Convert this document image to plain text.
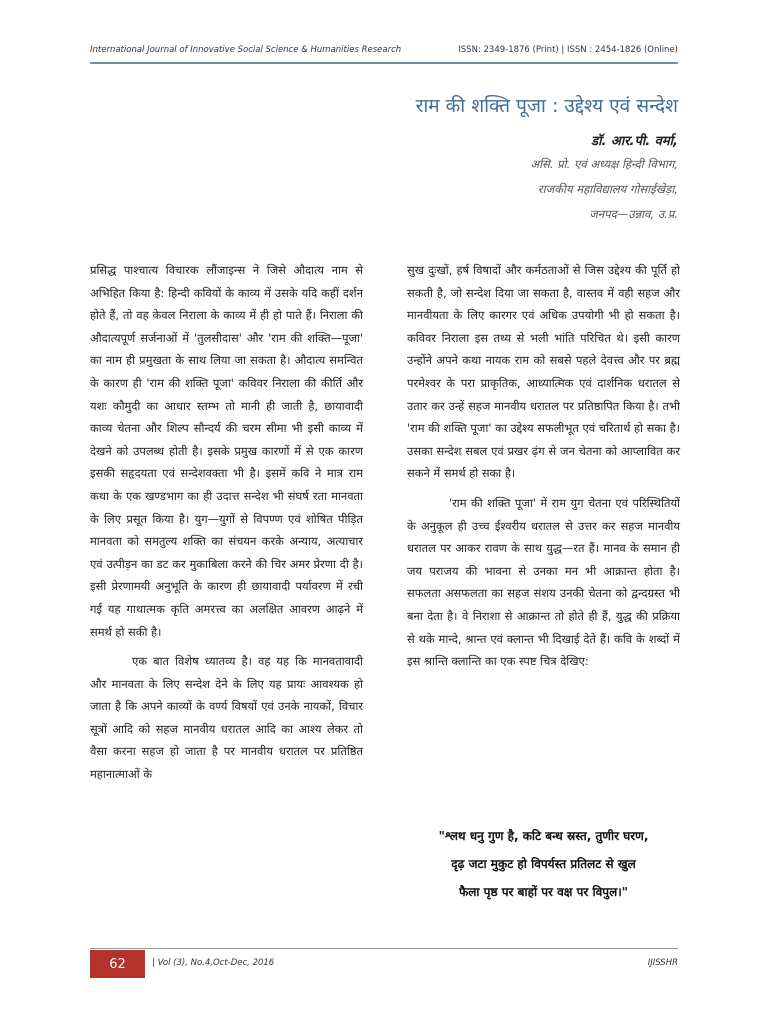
International Journal of Innovative Social Science & Humanities Research	ISSN: 2349-1876 (Print) | ISSN : 2454-1826 (Online)
राम की शक्ति पूजा : उद्देश्य एवं सन्देश
डॉ. आर.पी. वर्मा,
असि. प्रो. एवं अध्यक्ष हिन्दी विभाग,
राजकीय महाविद्यालय गोसाईखेड़ा,
जनपद—उन्नाव, उ.प्र.

प्रसिद्ध पाश्चात्य विचारक लौंजाइन्स ने जिसे औदात्य नाम से अभिहित किया है: हिन्दी कवियों के काव्य में उसके यदि कहीं दर्शन होते हैं, तो वह केवल निराला के काव्य में ही हो पाते हैं। निराला की औदात्यपूर्ण सर्जनाओं में 'तुलसीदास' और 'राम की शक्ति—पूजा' का नाम ही प्रमुखता के साथ लिया जा सकता है। औदात्य समन्वित के कारण ही 'राम की शक्ति पूजा' कविवर निराला की कीर्ति और यशः कौमुदी का आधार स्तम्भ तो मानी ही जाती है, छायावादी काव्य चेतना और शिल्प सौन्दर्य की चरम सीमा भी इसी काव्य में देखने को उपलब्ध होती है। इसके प्रमुख कारणों में से एक कारण इसकी सहृदयता एवं सन्देशवक्ता भी है। इसमें कवि ने मात्र राम कथा के एक खण्डभाग का ही उदात्त सन्देश भी संघर्ष रता मानवता के लिए प्रसूत किया है। युग—युगों से विपण्ण एवं शोषित पीड़ित मानवता को समतुल्य शक्ति का संचयन करके अन्याय, अत्याचार एवं उत्पीड़न का डट कर मुकाबिला करने की चिर अमर प्रेरणा दी है। इसी प्रेरणामयी अनुभूति के कारण ही छायावादी पर्यावरण में रची गई यह गाथात्मक कृति अमरत्त्व का अलक्षित आवरण आढ़ने में समर्थ हो सकी है।

एक बात विशेष ध्यातव्य है। वह यह कि मानवतावादी और मानवता के लिए सन्देश देने के लिए यह प्रायः आवश्यक हो जाता है कि अपने काव्यों के वर्ण्य विषयों एवं उनके नायकों, विचार सूत्रों आदि को सहज मानवीय धरातल आदि का आश्य लेकर तो वैसा करना सहज हो जाता है पर मानवीय धरातल पर प्रतिष्ठित महानात्माओं के

सुख दुःखों, हर्ष विषादों और कर्मठताओं से जिस उद्देश्य की पूर्ति हो सकती है, जो सन्देश दिया जा सकता है, वास्तव में वही सहज और मानवीयता के लिए कारगर एवं अधिक उपयोगी भी हो सकता है। कविवर निराला इस तथ्य से भली भांति परिचित थे। इसी कारण उन्होंने अपने कथा नायक राम को सबसे पहले देवत्त्व और पर ब्रह्म परमेश्वर के परा प्राकृतिक, आध्यात्मिक एवं दार्शनिक धरातल से उतार कर उन्हें सहज मानवीय धरातल पर प्रतिष्ठापित किया है। तभी 'राम की शक्ति पूजा' का उद्देश्य सफलीभूत एवं चरितार्थ हो सका है। उसका सन्देश सबल एवं प्रखर ढ़ंग से जन चेतना को आप्लावित कर सकने में समर्थ हो सका है।

'राम की शक्ति पूजा' में राम युग चेतना एवं परिस्थितियों के अनुकूल ही उच्च ईश्वरीय धरातल से उत्तर कर सहज मानवीय धरातल पर आकर रावण के साथ युद्ध—रत हैं। मानव के समान ही जय पराजय की भावना से उनका मन भी आक्रान्त होता है। सफलता असफलता का सहज संशय उनकी चेतना को द्वन्दग्रस्त भी बना देता है। वे निराशा से आक्रान्त तो होते ही हैं, युद्ध की प्रक्रिया से थके मान्दे, श्रान्त एवं क्लान्त भी दिखाई देते हैं। कवि के शब्दों में इस श्रान्ति क्लान्ति का एक स्पष्ट चित्र देखिए:

"श्लथ धनु गुण है, कटि बन्ध स्रस्त, तुणीर घरण,
दृढ़ जटा मुकुट हो विपर्यस्त प्रतिलट से खुल
फैला पृष्ठ पर बाहों पर वक्ष पर विपुल।"
62	| Vol (3), No.4,Oct-Dec, 2016	IJISSHR
